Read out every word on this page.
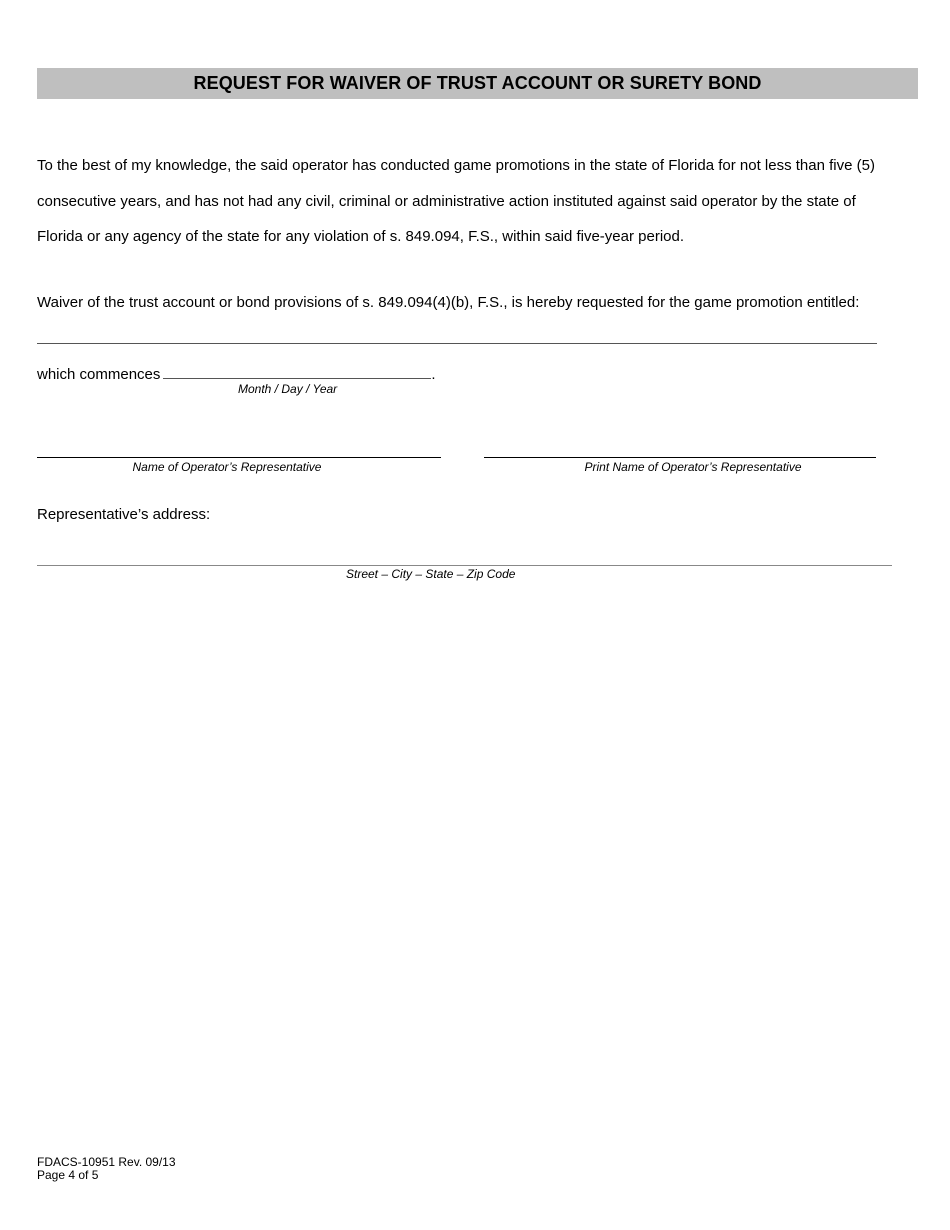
REQUEST FOR WAIVER OF TRUST ACCOUNT OR SURETY BOND

To the best of my knowledge, the said operator has conducted game promotions in the state of Florida for not less than five (5) consecutive years, and has not had any civil, criminal or administrative action instituted against said operator by the state of Florida or any agency of the state for any violation of s. 849.094, F.S., within said five-year period.

Waiver of the trust account or bond provisions of s. 849.094(4)(b), F.S., is hereby requested for the game promotion entitled:

which commences	.
Month / Day / Year
Name of Operator’s Representative	Print Name of Operator’s Representative
Representative’s address:
Street – City – State – Zip Code
FDACS-10951 Rev. 09/13
Page 4 of 5
